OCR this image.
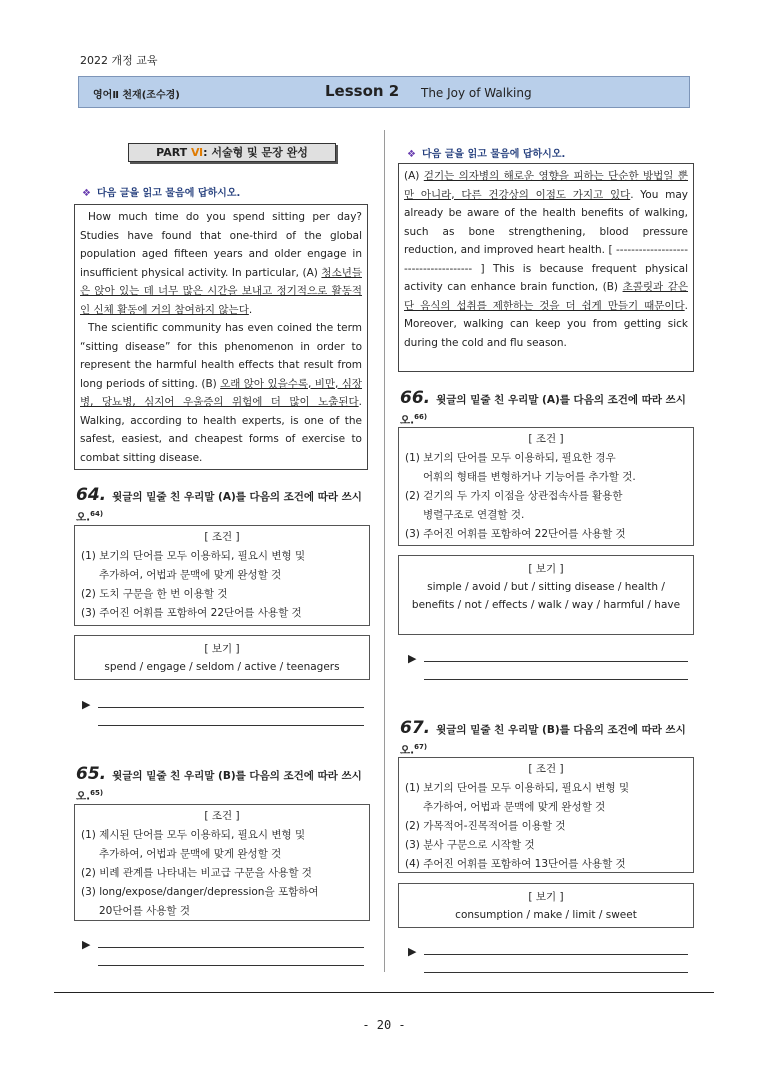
2022 개정 교육
영어Ⅱ 천재(조수경)	Lesson 2 The Joy of Walking
PART Ⅵ: 서술형 및 문장 완성
❖ 다음 글을 읽고 물음에 답하시오.

How much time do you spend sitting per day? Studies have found that one-third of the global population aged fifteen years and older engage in insufficient physical activity. In particular, (A) 청소년들은 앉아 있는 데 너무 많은 시간을 보내고 정기적으로 활동적인 신체 활동에 거의 참여하지 않는다.

The scientific community has even coined the term “sitting disease” for this phenomenon in order to represent the harmful health effects that result from long periods of sitting. (B) 오래 앉아 있을수록, 비만, 심장병, 당뇨병, 심지어 우울증의 위험에 더 많이 노출된다. Walking, according to health experts, is one of the safest, easiest, and cheapest forms of exercise to combat sitting disease.

64. 윗글의 밑줄 친 우리말 (A)를 다음의 조건에 따라 쓰시오.$^{64)}$
[ 조건 ]
(1) 보기의 단어를 모두 이용하되, 필요시 변형 및
추가하여, 어법과 문맥에 맞게 완성할 것
(2) 도치 구문을 한 번 이용할 것
(3) 주어진 어휘를 포함하여 22단어를 사용할 것
[ 보기 ]
spend / engage / seldom / active / teenagers
▶
65. 윗글의 밑줄 친 우리말 (B)를 다음의 조건에 따라 쓰시오.$^{65)}$
[ 조건 ]
(1) 제시된 단어를 모두 이용하되, 필요시 변형 및
추가하여, 어법과 문맥에 맞게 완성할 것
(2) 비례 관계를 나타내는 비교급 구문을 사용할 것
(3) long/expose/danger/depression을 포함하여
20단어를 사용할 것
▶
❖ 다음 글을 읽고 물음에 답하시오.

(A) 걷기는 의자병의 해로운 영향을 피하는 단순한 방법일 뿐만 아니라, 다른 건강상의 이점도 가지고 있다. You may already be aware of the health benefits of walking, such as bone strengthening, blood pressure reduction, and improved heart health. [ ------------------------------------- ] This is because frequent physical activity can enhance brain function, (B) 초콜릿과 같은 단 음식의 섭취를 제한하는 것을 더 쉽게 만들기 때문이다. Moreover, walking can keep you from getting sick during the cold and flu season.

66. 윗글의 밑줄 친 우리말 (A)를 다음의 조건에 따라 쓰시오.$^{66)}$
[ 조건 ]
(1) 보기의 단어를 모두 이용하되, 필요한 경우
어휘의 형태를 변형하거나 기능어를 추가할 것.
(2) 걷기의 두 가지 이점을 상관접속사를 활용한
병렬구조로 연결할 것.
(3) 주어진 어휘를 포함하여 22단어를 사용할 것
[ 보기 ]
simple / avoid / but / sitting disease / health / benefits / not / effects / walk / way / harmful / have
▶
67. 윗글의 밑줄 친 우리말 (B)를 다음의 조건에 따라 쓰시오.$^{67)}$
[ 조건 ]
(1) 보기의 단어를 모두 이용하되, 필요시 변형 및
추가하여, 어법과 문맥에 맞게 완성할 것
(2) 가목적어-진목적어를 이용할 것
(3) 분사 구문으로 시작할 것
(4) 주어진 어휘를 포함하여 13단어를 사용할 것
[ 보기 ]
consumption / make / limit / sweet
▶
- 20 -
